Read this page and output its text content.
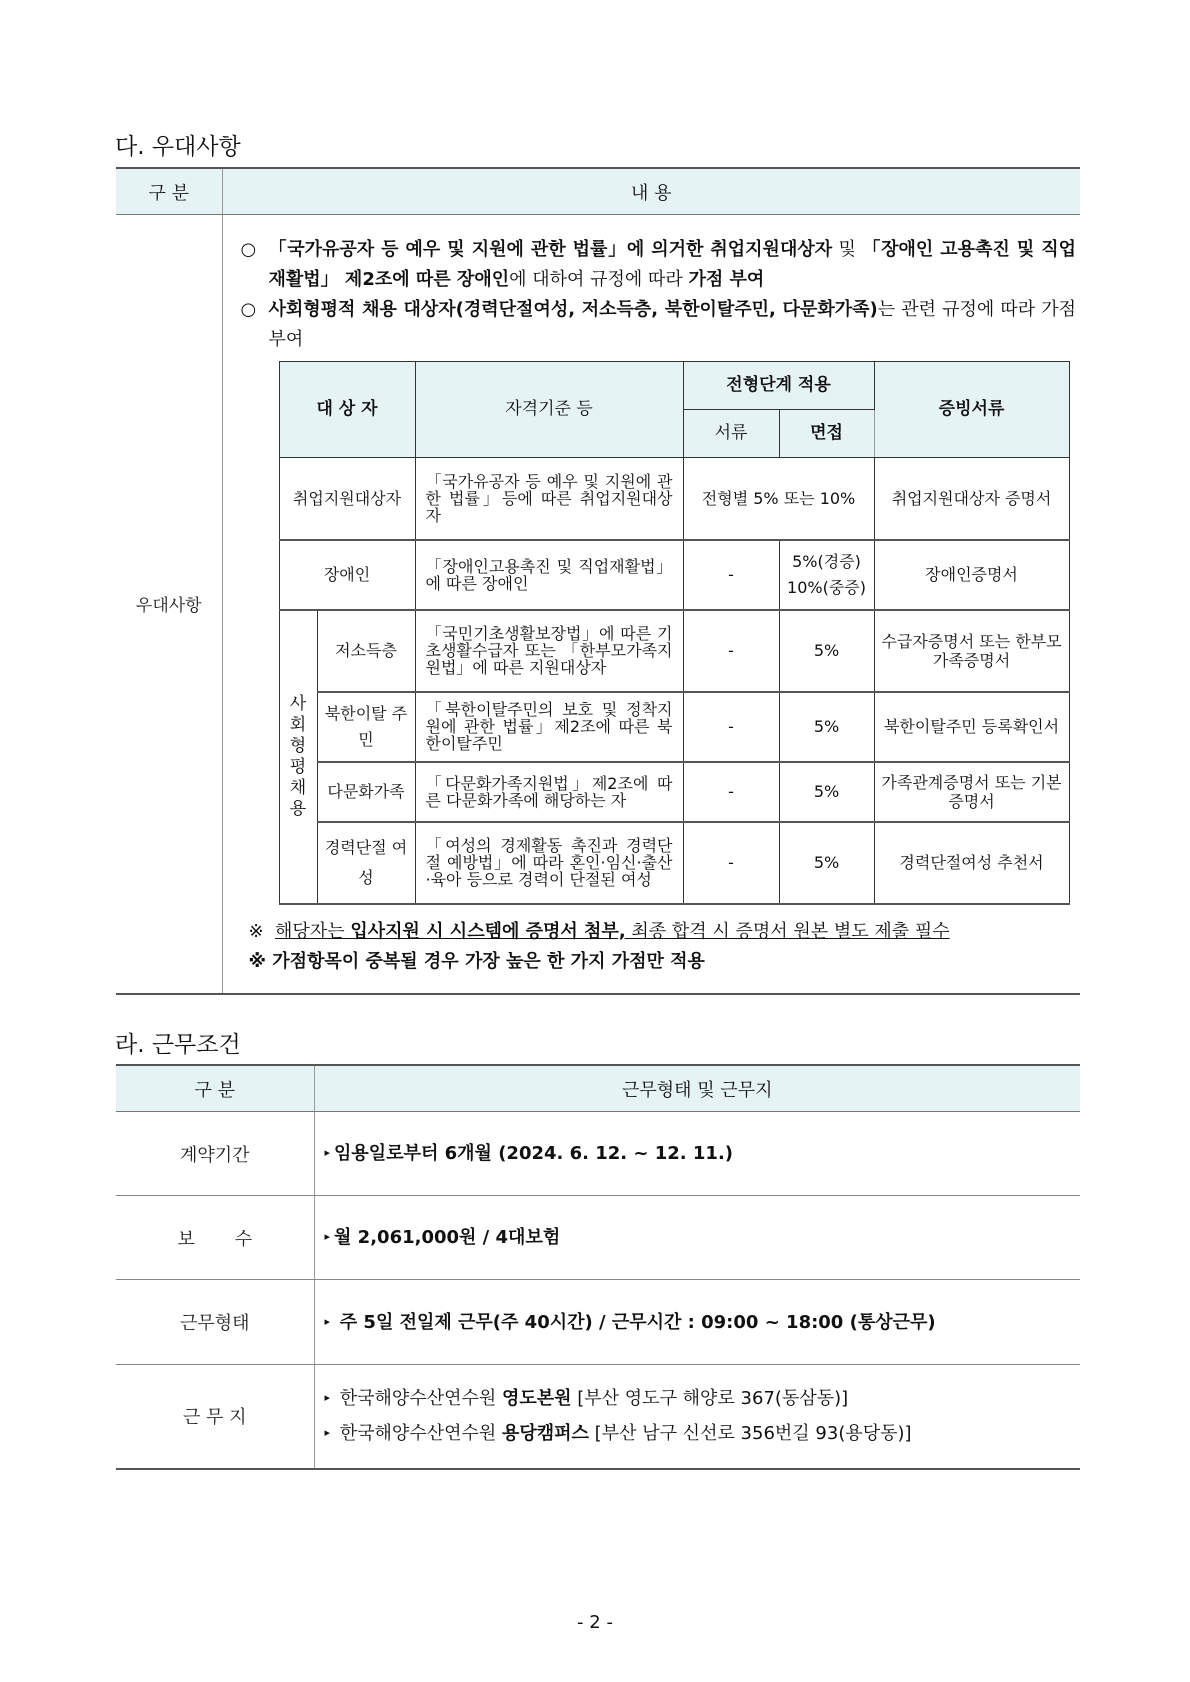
다. 우대사항
구 분	내 용
우대사항	
○ 「국가유공자 등 예우 및 지원에 관한 법률」에 의거한 취업지원대상자 및 「장애인 고용촉진 및 직업재활법」 제2조에 따른 장애인에 대하여 규정에 따라 가점 부여
○ 사회형평적 채용 대상자(경력단절여성, 저소득층, 북한이탈주민, 다문화가족)는 관련 규정에 따라 가점 부여
대 상 자	자격기준 등	전형단계 적용	증빙서류
서류	면접
취업지원대상자	「국가유공자 등 예우 및 지원에 관한 법률」등에 따른 취업지원대상자	전형별 5% 또는 10%	취업지원대상자 증명서
장애인	「장애인고용촉진 및 직업재활법」에 따른 장애인	-	5%(경증) 10%(중증)	장애인증명서
사회형평채용	저소득층	「국민기초생활보장법」에 따른 기초생활수급자 또는 「한부모가족지원법」에 따른 지원대상자	-	5%	수급자증명서 또는 한부모가족증명서
북한이탈 주민	「북한이탈주민의 보호 및 정착지원에 관한 법률」제2조에 따른 북한이탈주민	-	5%	북한이탈주민 등록확인서
다문화가족	「다문화가족지원법」제2조에 따른 다문화가족에 해당하는 자	-	5%	가족관계증명서 또는 기본증명서
경력단절 여성	「여성의 경제활동 촉진과 경력단절 예방법」에 따라 혼인·임신·출산·육아 등으로 경력이 단절된 여성	-	5%	경력단절여성 추천서
※ 해당자는 입사지원 시 시스템에 증명서 첨부, 최종 합격 시 증명서 원본 별도 제출 필수
※ 가점항목이 중복될 경우 가장 높은 한 가지 가점만 적용
라. 근무조건
구 분	근무형태 및 근무지
계약기간	▸ 임용일로부터 6개월 (2024. 6. 12. ~ 12. 11.)
보       수	▸ 월 2,061,000원 / 4대보험
근무형태	▸ 주 5일 전일제 근무(주 40시간) / 근무시간 : 09:00 ~ 18:00 (통상근무)
근 무 지	▸ 한국해양수산연수원 영도본원 [부산 영도구 해양로 367(동삼동)]
▸ 한국해양수산연수원 용당캠퍼스 [부산 남구 신선로 356번길 93(용당동)]
- 2 -
